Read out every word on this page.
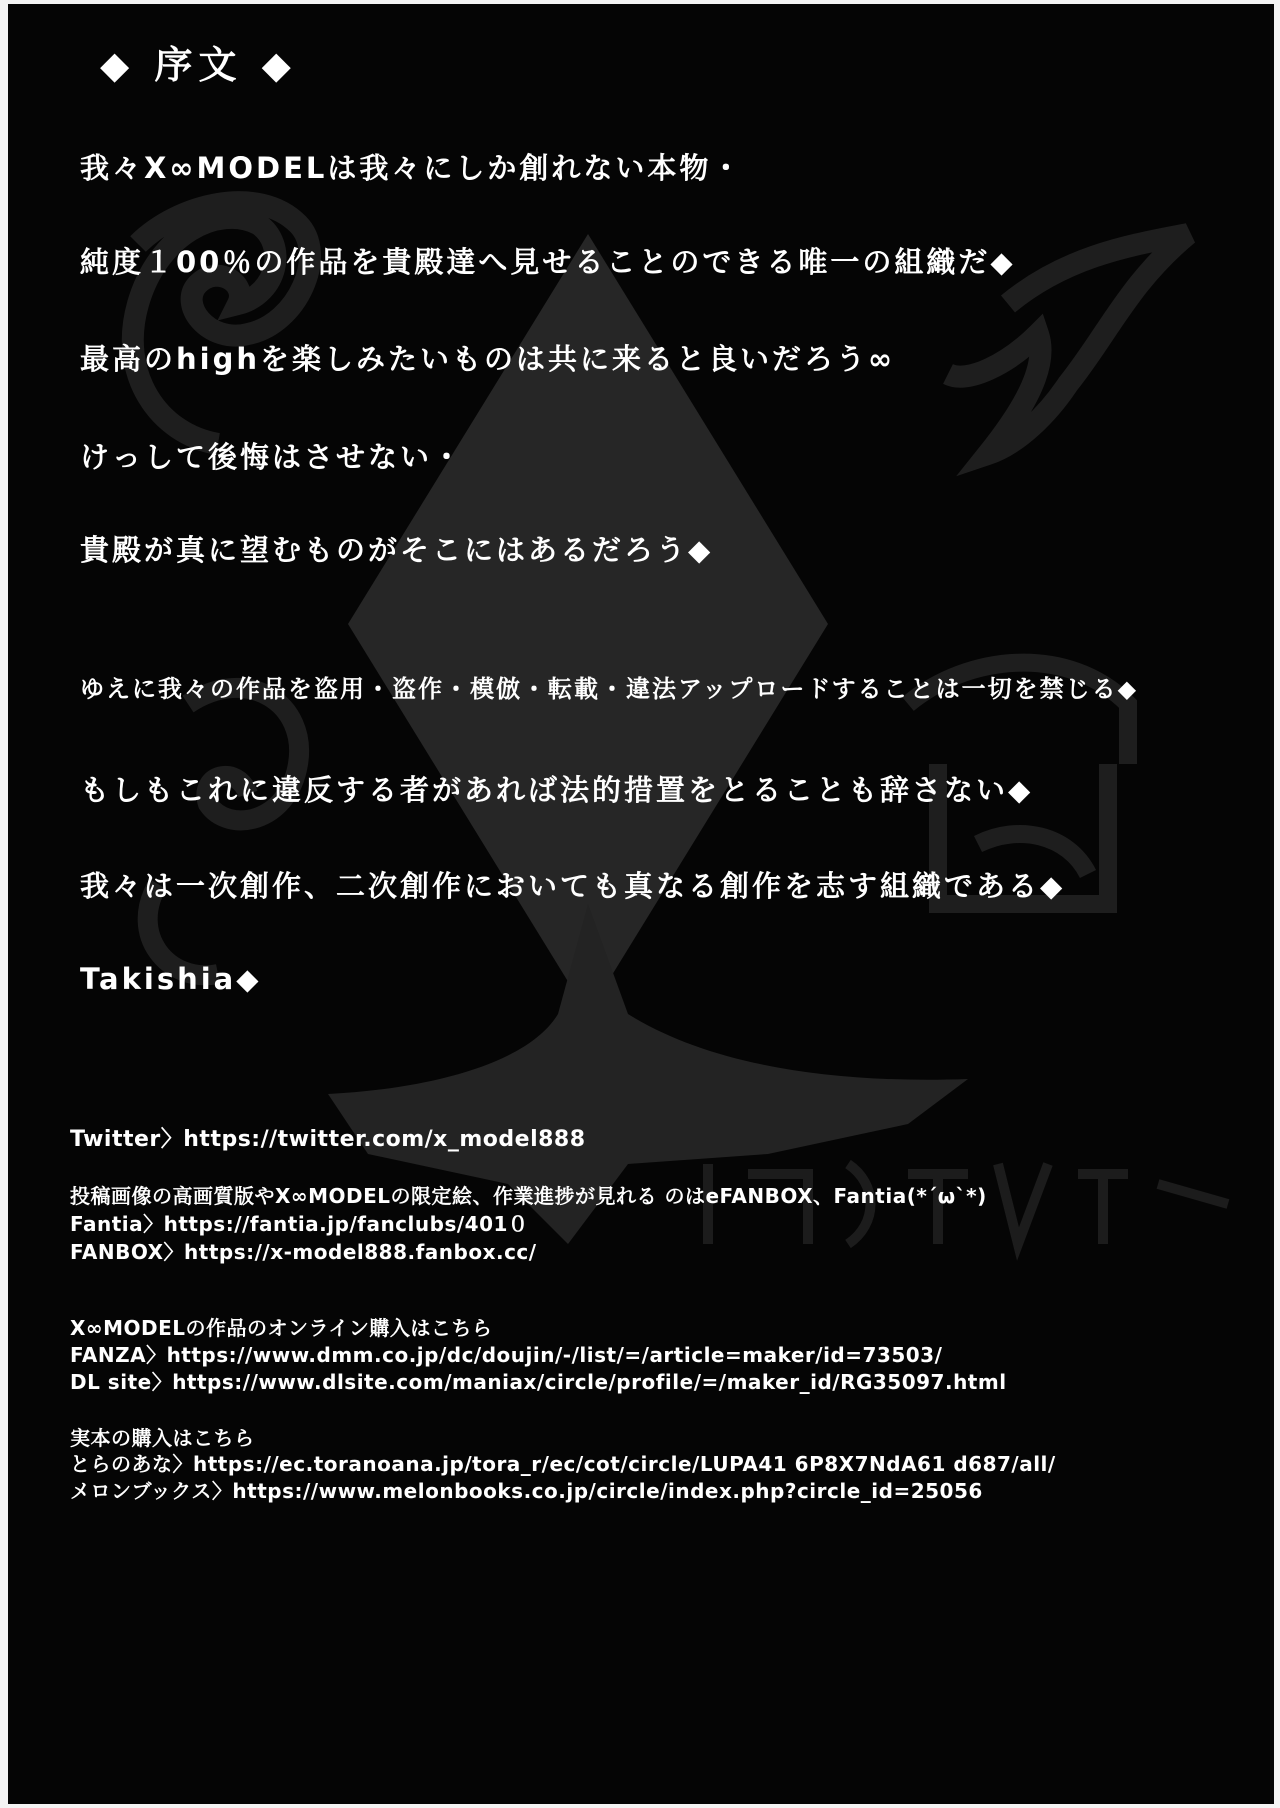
◆ 序文 ◆
我々X∞MODELは我々にしか創れない本物・
純度１00％の作品を貴殿達へ見せることのできる唯一の組織だ◆
最高のhighを楽しみたいものは共に来ると良いだろう∞
けっして後悔はさせない・
貴殿が真に望むものがそこにはあるだろう◆
ゆえに我々の作品を盗用・盗作・模倣・転載・違法アップロードすることは一切を禁じる◆
もしもこれに違反する者があれば法的措置をとることも辞さない◆
我々は一次創作、二次創作においても真なる創作を志す組織である◆
Takishia◆
Twitter〉https://twitter.com/x_model888
投稿画像の高画質版やX∞MODELの限定絵、作業進捗が見れる のはeFANBOX、Fantia(*´ω`*)
Fantia〉https://fantia.jp/fanclubs/401０
FANBOX〉https://x-model888.fanbox.cc/
X∞MODELの作品のオンライン購入はこちら
FANZA〉https://www.dmm.co.jp/dc/doujin/-/list/=/article=maker/id=73503/
DL site〉https://www.dlsite.com/maniax/circle/profile/=/maker_id/RG35097.html
実本の購入はこちら
とらのあな〉https://ec.toranoana.jp/tora_r/ec/cot/circle/LUPA41 6P8X7NdA61 d687/all/
メロンブックス〉https://www.melonbooks.co.jp/circle/index.php?circle_id=25056
